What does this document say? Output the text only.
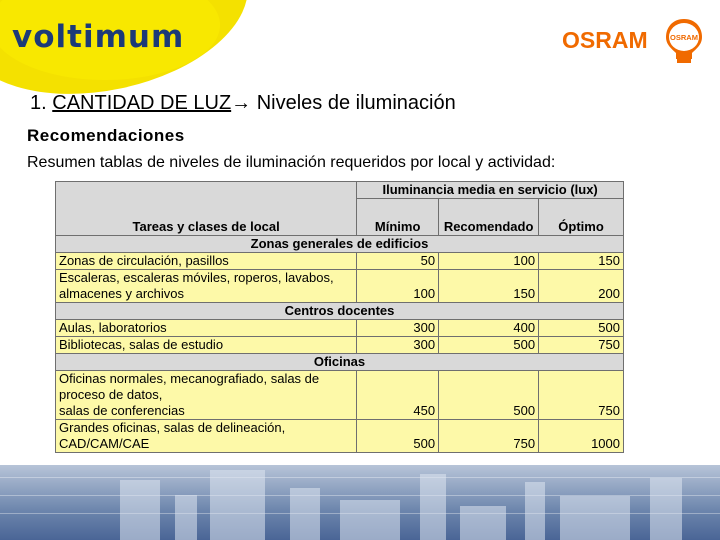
voltimum	OSRAM	OSRAM
1. CANTIDAD DE LUZ→ Niveles de iluminación
Recomendaciones
Resumen tablas de niveles de iluminación requeridos por local y actividad:
Tareas y clases de local	Iluminancia media en servicio (lux)		
	Mínimo	Recomendado	Óptimo
Zonas generales de edificios			

Zonas de circulación, pasillos	50	100	150

Escaleras, escaleras móviles, roperos, lavabos,
almacenes y archivos	100	150	200
Centros docentes			

Aulas, laboratorios	300	400	500

Bibliotecas, salas de estudio	300	500	750
Oficinas			

Oficinas normales, mecanografiado, salas de
proceso de datos,
salas de conferencias	450	500	750

Grandes oficinas, salas de delineación,
CAD/CAM/CAE	500	750	1000
